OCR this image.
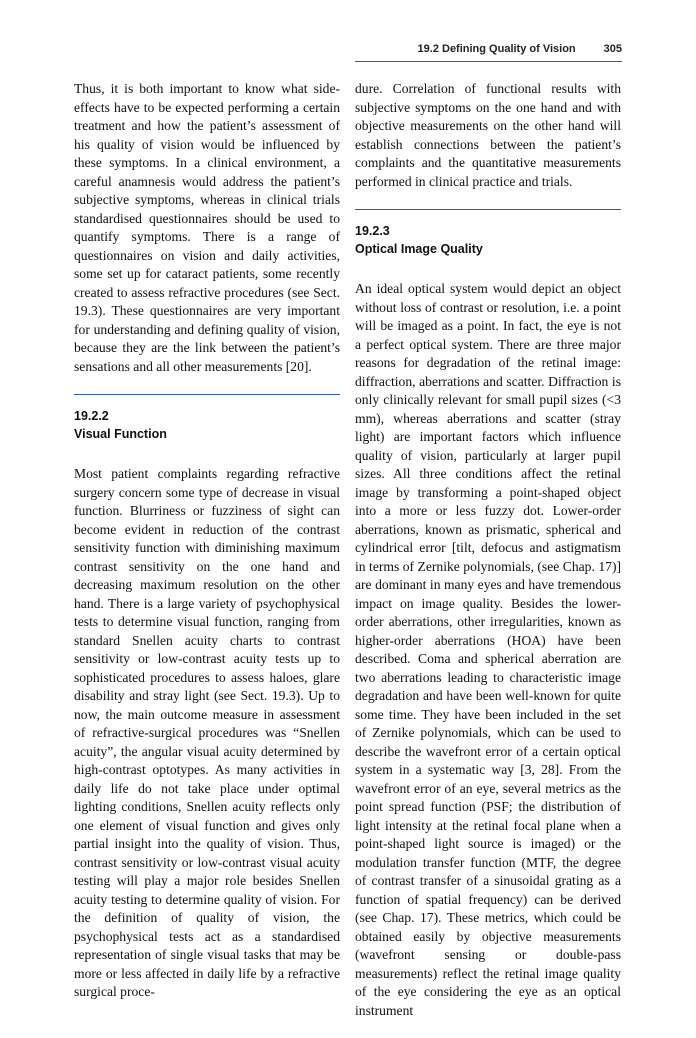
19.2 Defining Quality of Vision	305

Thus, it is both important to know what side-effects have to be expected performing a certain treatment and how the patient’s assessment of his quality of vision would be influenced by these symptoms. In a clinical environment, a careful anamnesis would address the patient’s subjective symptoms, whereas in clinical trials standardised questionnaires should be used to quantify symptoms. There is a range of questionnaires on vision and daily activities, some set up for cataract patients, some recently created to assess refractive procedures (see Sect. 19.3). These questionnaires are very important for understanding and defining quality of vision, because they are the link between the patient’s sensations and all other measurements [20].

19.2.2
Visual Function

Most patient complaints regarding refractive surgery concern some type of decrease in visual function. Blurriness or fuzziness of sight can become evident in reduction of the contrast sensitivity function with diminishing maximum contrast sensitivity on the one hand and decreasing maximum resolution on the other hand. There is a large variety of psychophysical tests to determine visual function, ranging from standard Snellen acuity charts to contrast sensitivity or low-contrast acuity tests up to sophisticated procedures to assess haloes, glare disability and stray light (see Sect. 19.3). Up to now, the main outcome measure in assessment of refractive-surgical procedures was “Snellen acuity”, the angular visual acuity determined by high-contrast optotypes. As many activities in daily life do not take place under optimal lighting conditions, Snellen acuity reflects only one element of visual function and gives only partial insight into the quality of vision. Thus, contrast sensitivity or low-contrast visual acuity testing will play a major role besides Snellen acuity testing to determine quality of vision. For the definition of quality of vision, the psychophysical tests act as a standardised representation of single visual tasks that may be more or less affected in daily life by a refractive surgical proce-

dure. Correlation of functional results with subjective symptoms on the one hand and with objective measurements on the other hand will establish connections between the patient’s complaints and the quantitative measurements performed in clinical practice and trials.

19.2.3
Optical Image Quality

An ideal optical system would depict an object without loss of contrast or resolution, i.e. a point will be imaged as a point. In fact, the eye is not a perfect optical system. There are three major reasons for degradation of the retinal image: diffraction, aberrations and scatter. Diffraction is only clinically relevant for small pupil sizes (<3 mm), whereas aberrations and scatter (stray light) are important factors which influence quality of vision, particularly at larger pupil sizes. All three conditions affect the retinal image by transforming a point-shaped object into a more or less fuzzy dot. Lower-order aberrations, known as prismatic, spherical and cylindrical error [tilt, defocus and astigmatism in terms of Zernike polynomials, (see Chap. 17)] are dominant in many eyes and have tremendous impact on image quality. Besides the lower-order aberrations, other irregularities, known as higher-order aberrations (HOA) have been described. Coma and spherical aberration are two aberrations leading to characteristic image degradation and have been well-known for quite some time. They have been included in the set of Zernike polynomials, which can be used to describe the wavefront error of a certain optical system in a systematic way [3, 28]. From the wavefront error of an eye, several metrics as the point spread function (PSF; the distribution of light intensity at the retinal focal plane when a point-shaped light source is imaged) or the modulation transfer function (MTF, the degree of contrast transfer of a sinusoidal grating as a function of spatial frequency) can be derived (see Chap. 17). These metrics, which could be obtained easily by objective measurements (wavefront sensing or double-pass measurements) reflect the retinal image quality of the eye considering the eye as an optical instrument
